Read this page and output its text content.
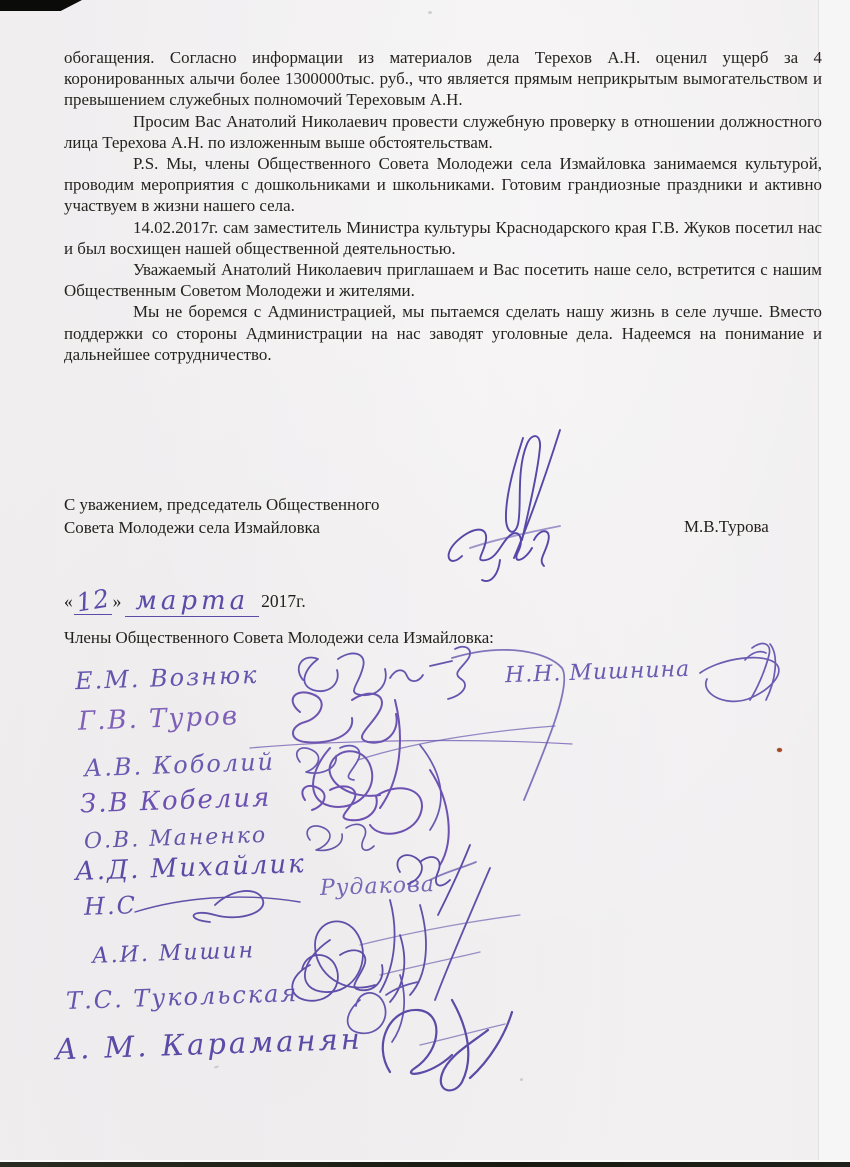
обогащения. Согласно информации из материалов дела Терехов А.Н. оценил ущерб за 4 коронированных алычи более 1300000тыс. руб., что является прямым неприкрытым вымогательством и превышением служебных полномочий Тереховым А.Н.

Просим Вас Анатолий Николаевич провести служебную проверку в отношении должностного лица Терехова А.Н. по изложенным выше обстоятельствам.

P.S. Мы, члены Общественного Совета Молодежи села Измайловка занимаемся культурой, проводим мероприятия с дошкольниками и школьниками. Готовим грандиозные праздники и активно участвуем в жизни нашего села.

14.02.2017г. сам заместитель Министра культуры Краснодарского края Г.В. Жуков посетил нас и был восхищен нашей общественной деятельностью.

Уважаемый Анатолий Николаевич приглашаем и Вас посетить наше село, встретится с нашим Общественным Советом Молодежи и жителями.

Мы не боремся с Администрацией, мы пытаемся сделать нашу жизнь в селе лучше. Вместо поддержки со стороны Администрации на нас заводят уголовные дела. Надеемся на понимание и дальнейшее сотрудничество.

С уважением, председатель Общественного
Совета Молодежи села Измайловка	М.В.Турова
«12» марта 2017г.
Члены Общественного Совета Молодежи села Измайловка:
Е.М. Вознюк	Н.Н. Мишнина
Г.В. Туров
А.В. Коболий
З.В Кобелия
О.В. Маненко
А.Д. Михайлик
Н.С
Рудакова
А.И. Мишин
Т.С. Тукольская
А. М. Караманян
